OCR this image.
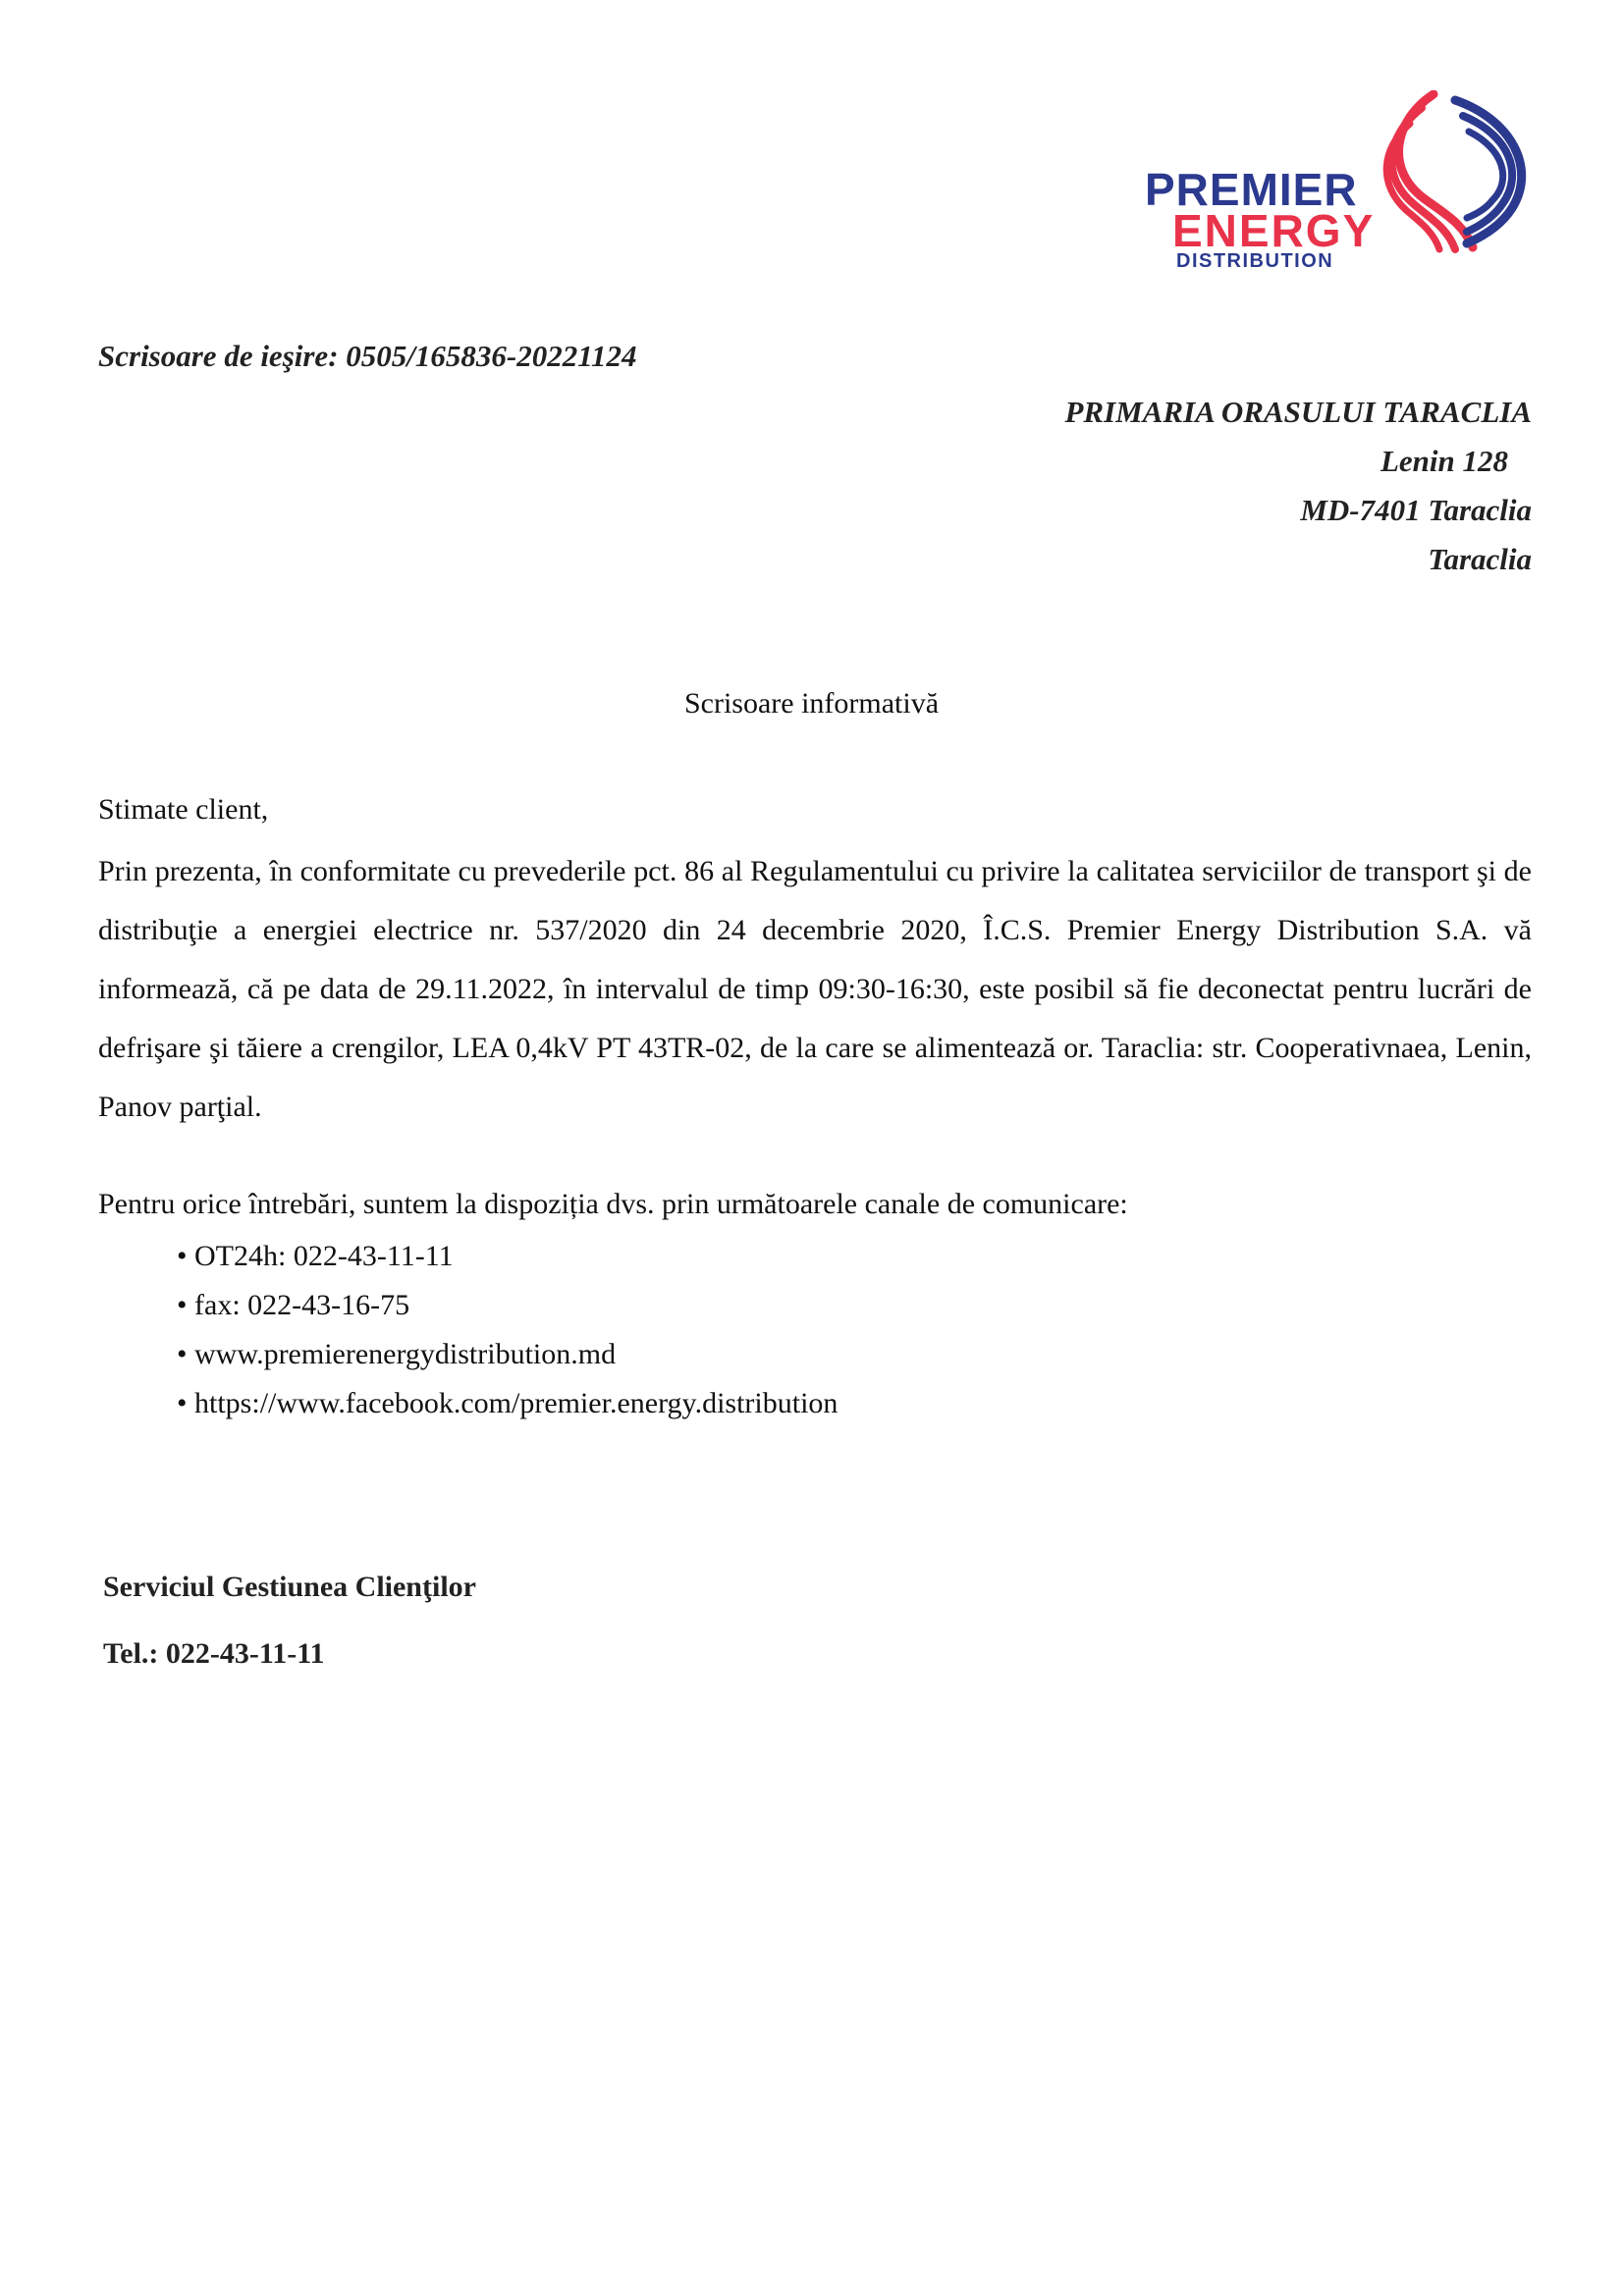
PREMIER
ENERGY
DISTRIBUTION
Scrisoare de ieşire: 0505/165836-20221124
PRIMARIA ORASULUI TARACLIA
Lenin 128
MD-7401 Taraclia
Taraclia
Scrisoare informativă
Stimate client,
Prin prezenta, în conformitate cu prevederile pct. 86 al Regulamentului cu privire la calitatea serviciilor de transport şi de distribuţie a energiei electrice nr. 537/2020 din 24 decembrie 2020, Î.C.S. Premier Energy Distribution S.A. vă informează, că pe data de 29.11.2022, în intervalul de timp 09:30-16:30, este posibil să fie deconectat pentru lucrări de defrişare şi tăiere a crengilor, LEA 0,4kV PT 43TR-02, de la care se alimentează or. Taraclia: str. Cooperativnaea, Lenin, Panov parţial.
Pentru orice întrebări, suntem la dispoziția dvs. prin următoarele canale de comunicare:
• OT24h: 022-43-11-11
• fax: 022-43-16-75
• www.premierenergydistribution.md
• https://www.facebook.com/premier.energy.distribution
Serviciul Gestiunea Clienţilor
Tel.: 022-43-11-11
